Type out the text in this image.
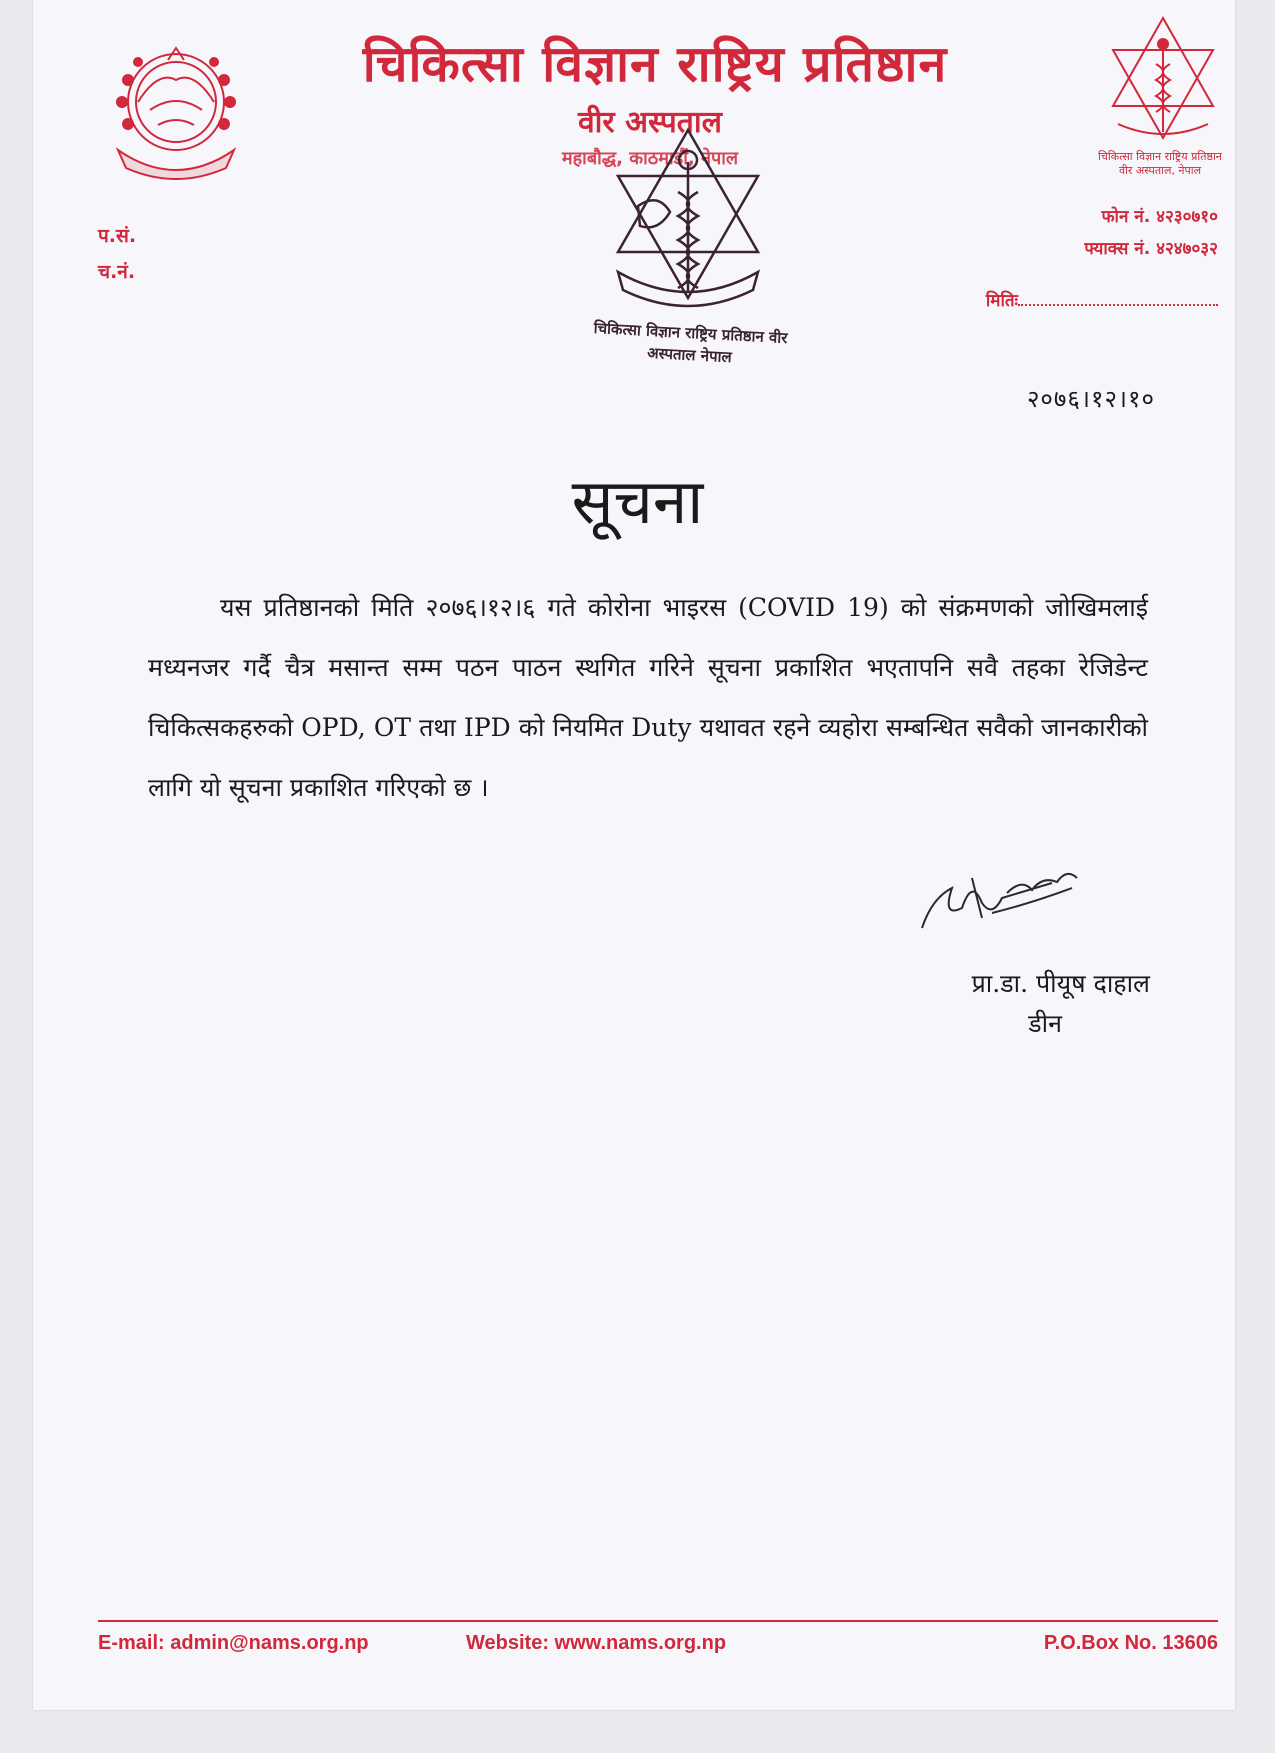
चिकित्सा विज्ञान राष्ट्रिय प्रतिष्ठान वीर अस्पताल, नेपाल
चिकित्सा विज्ञान राष्ट्रिय प्रतिष्ठान
वीर अस्पताल
महाबौद्ध, काठमाडौं, नेपाल
प.सं.
च.नं.
फोन नं. ४२३०७१०
फ्याक्स नं. ४२४७०३२
मितिः
चिकित्सा विज्ञान राष्ट्रिय प्रतिष्ठान वीर अस्पताल नेपाल
२०७६।१२।१०
सूचना
यस प्रतिष्ठानको मिति २०७६।१२।६ गते कोरोना भाइरस (COVID 19) को संक्रमणको जोखिमलाई मध्यनजर गर्दै चैत्र मसान्त सम्म पठन पाठन स्थगित गरिने सूचना प्रकाशित भएतापनि सवै तहका रेजिडेन्ट चिकित्सकहरुको OPD, OT तथा IPD को नियमित Duty यथावत रहने व्यहोरा सम्बन्धित सवैको जानकारीको लागि यो सूचना प्रकाशित गरिएको छ ।
प्रा.डा. पीयूष दाहाल
डीन
E-mail: admin@nams.org.np	Website: www.nams.org.np	P.O.Box No. 13606
